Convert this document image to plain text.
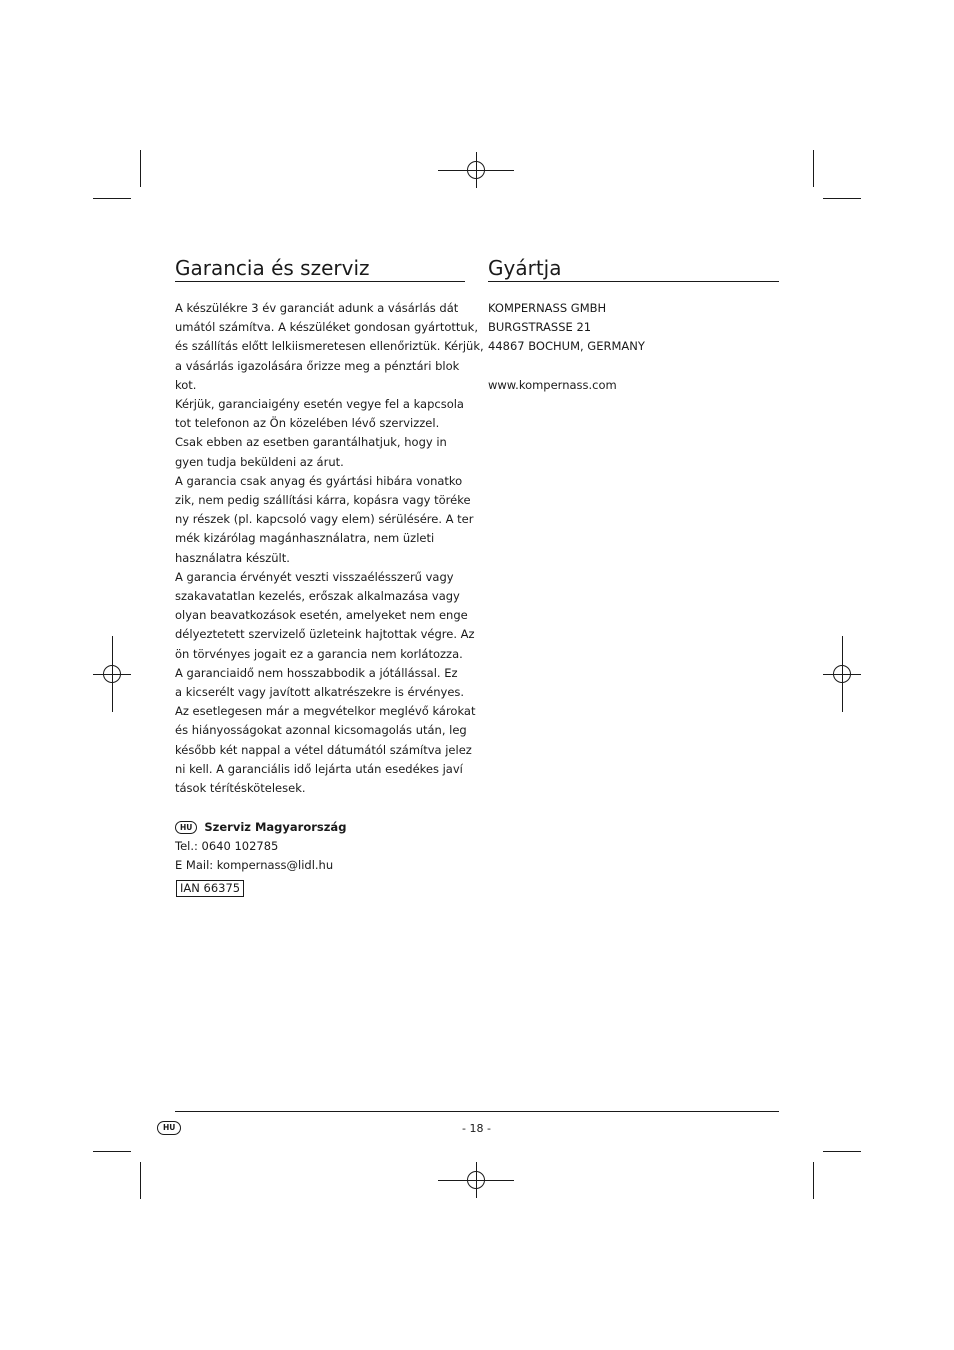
Garancia és szerviz
A készülékre 3 év garanciát adunk a vásárlás dát
umától számítva. A készüléket gondosan gyártottuk,
és szállítás előtt lelkiismeretesen ellenőriztük. Kérjük,
a vásárlás igazolására őrizze meg a pénztári blok
kot.
Kérjük, garanciaigény esetén vegye fel a kapcsola
tot telefonon az Ön közelében lévő szervizzel.
Csak ebben az esetben garantálhatjuk, hogy in
gyen tudja beküldeni az árut.
A garancia csak anyag és gyártási hibára vonatko
zik, nem pedig szállítási kárra, kopásra vagy töréke
ny részek (pl. kapcsoló vagy elem) sérülésére. A ter
mék kizárólag magánhasználatra, nem üzleti
használatra készült.
A garancia érvényét veszti visszaélésszerű vagy
szakavatatlan kezelés, erőszak alkalmazása vagy
olyan beavatkozások esetén, amelyeket nem enge
délyeztetett szervizelő üzleteink hajtottak végre. Az
ön törvényes jogait ez a garancia nem korlátozza.
A garanciaidő nem hosszabbodik a jótállással. Ez
a kicserélt vagy javított alkatrészekre is érvényes.
Az esetlegesen már a megvételkor meglévő károkat
és hiányosságokat azonnal kicsomagolás után, leg
később két nappal a vétel dátumától számítva jelez
ni kell. A garanciális idő lejárta után esedékes javí
tások térítéskötelesek.
HU Szerviz Magyarország
Tel.: 0640 102785
E Mail: kompernass@lidl.hu
IAN 66375
Gyártja
KOMPERNASS GMBH
BURGSTRASSE 21
44867 BOCHUM, GERMANY
www.kompernass.com
HU	- 18 -
